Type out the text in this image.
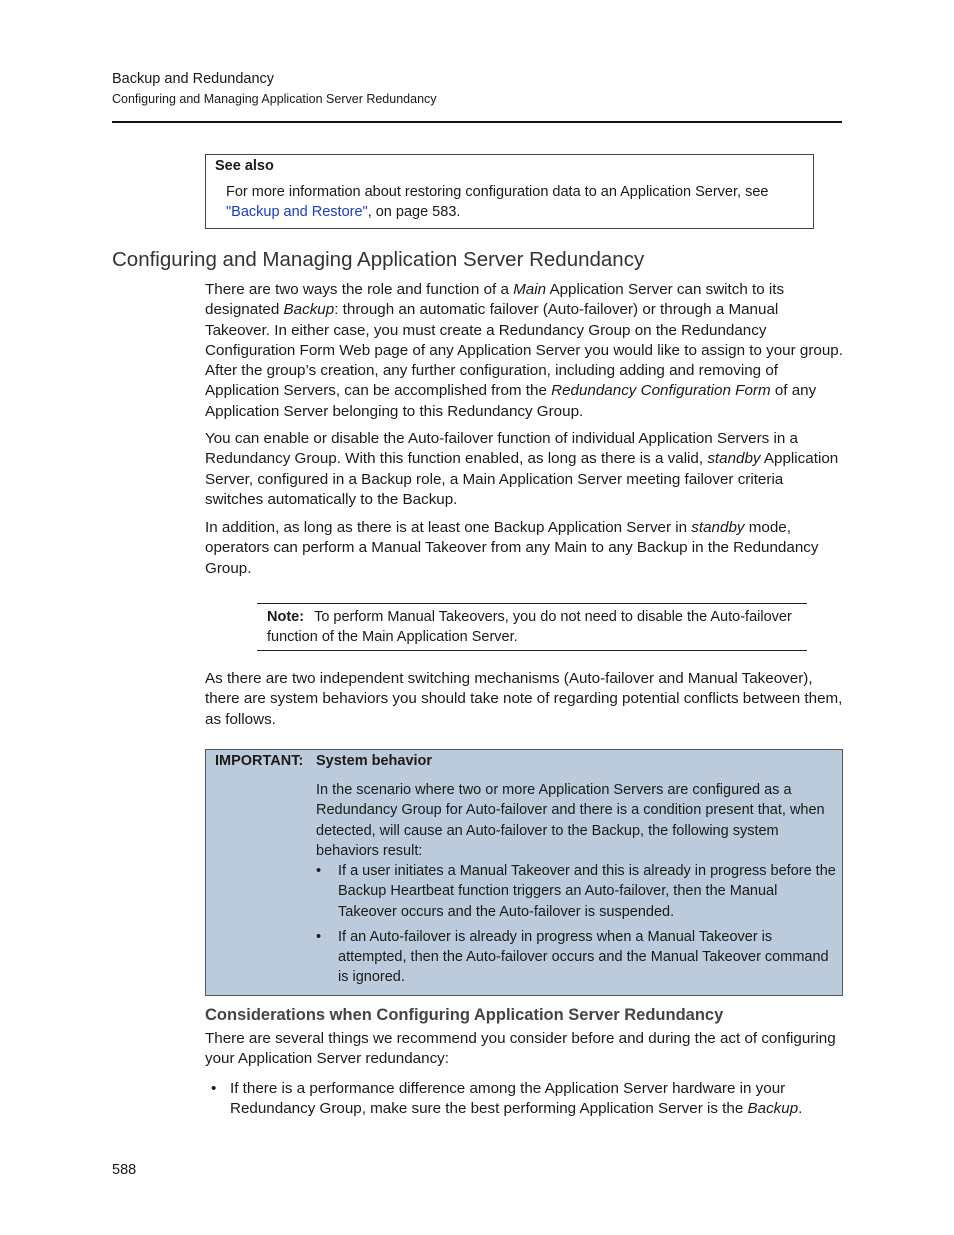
Backup and Redundancy
Configuring and Managing Application Server Redundancy
See also
For more information about restoring configuration data to an Application Server, see "Backup and Restore", on page 583.
Configuring and Managing Application Server Redundancy
There are two ways the role and function of a Main Application Server can switch to its designated Backup: through an automatic failover (Auto-failover) or through a Manual Takeover. In either case, you must create a Redundancy Group on the Redundancy Configuration Form Web page of any Application Server you would like to assign to your group. After the group’s creation, any further configuration, including adding and removing of Application Servers, can be accomplished from the Redundancy Configuration Form of any Application Server belonging to this Redundancy Group.
You can enable or disable the Auto-failover function of individual Application Servers in a Redundancy Group. With this function enabled, as long as there is a valid, standby Application Server, configured in a Backup role, a Main Application Server meeting failover criteria switches automatically to the Backup.
In addition, as long as there is at least one Backup Application Server in standby mode, operators can perform a Manual Takeover from any Main to any Backup in the Redundancy Group.
Note: To perform Manual Takeovers, you do not need to disable the Auto-failover function of the Main Application Server.
As there are two independent switching mechanisms (Auto-failover and Manual Takeover), there are system behaviors you should take note of regarding potential conflicts between them, as follows.
IMPORTANT: System behavior
In the scenario where two or more Application Servers are configured as a Redundancy Group for Auto-failover and there is a condition present that, when detected, will cause an Auto-failover to the Backup, the following system behaviors result:
• If a user initiates a Manual Takeover and this is already in progress before the Backup Heartbeat function triggers an Auto-failover, then the Manual Takeover occurs and the Auto-failover is suspended.
• If an Auto-failover is already in progress when a Manual Takeover is attempted, then the Auto-failover occurs and the Manual Takeover command is ignored.
Considerations when Configuring Application Server Redundancy
There are several things we recommend you consider before and during the act of configuring your Application Server redundancy:
• If there is a performance difference among the Application Server hardware in your Redundancy Group, make sure the best performing Application Server is the Backup.
588
